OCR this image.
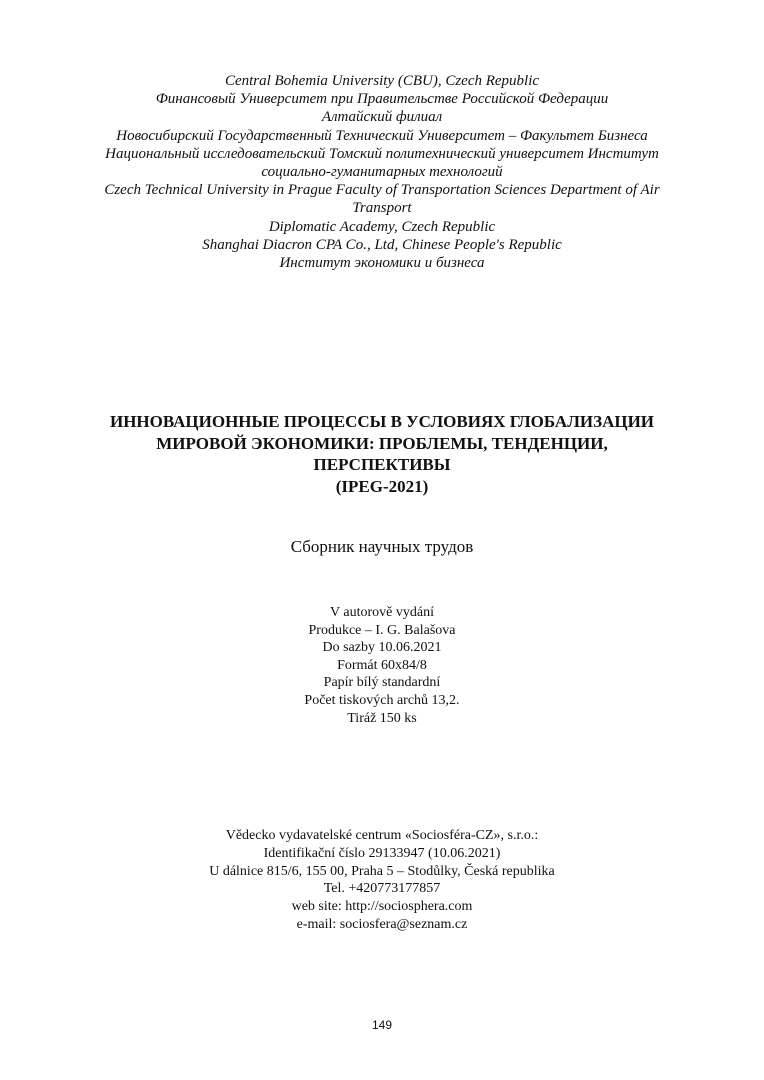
Central Bohemia University (CBU), Czech Republic
Финансовый Университет при Правительстве Российской Федерации
Алтайский филиал
Новосибирский Государственный Технический Университет – Факультет Бизнеса
Национальный исследовательский Томский политехнический университет Институт
социально-гуманитарных технологий
Czech Technical University in Prague Faculty of Transportation Sciences Department of Air
Transport
Diplomatic Academy, Czech Republic
Shanghai Diacron CPA Co., Ltd, Chinese People's Republic
Институт экономики и бизнеса
ИННОВАЦИОННЫЕ ПРОЦЕССЫ В УСЛОВИЯХ ГЛОБАЛИЗАЦИИ
МИРОВОЙ ЭКОНОМИКИ: ПРОБЛЕМЫ, ТЕНДЕНЦИИ,
ПЕРСПЕКТИВЫ
(IPEG-2021)
Сборник научных трудов
V autorově vydání
Produkce – I. G. Balašova
Do sazby 10.06.2021
Formát 60x84/8
Papír bílý standardní
Počet tiskových archů 13,2.
Tiráž 150 ks
Vědecko vydavatelské centrum «Sociosféra-CZ», s.r.o.:
Identifikační číslo 29133947 (10.06.2021)
U dálnice 815/6, 155 00, Praha 5 – Stodůlky, Česká republika
Tel. +420773177857
web site: http://sociosphera.com
e-mail: sociosfera@seznam.cz
149
